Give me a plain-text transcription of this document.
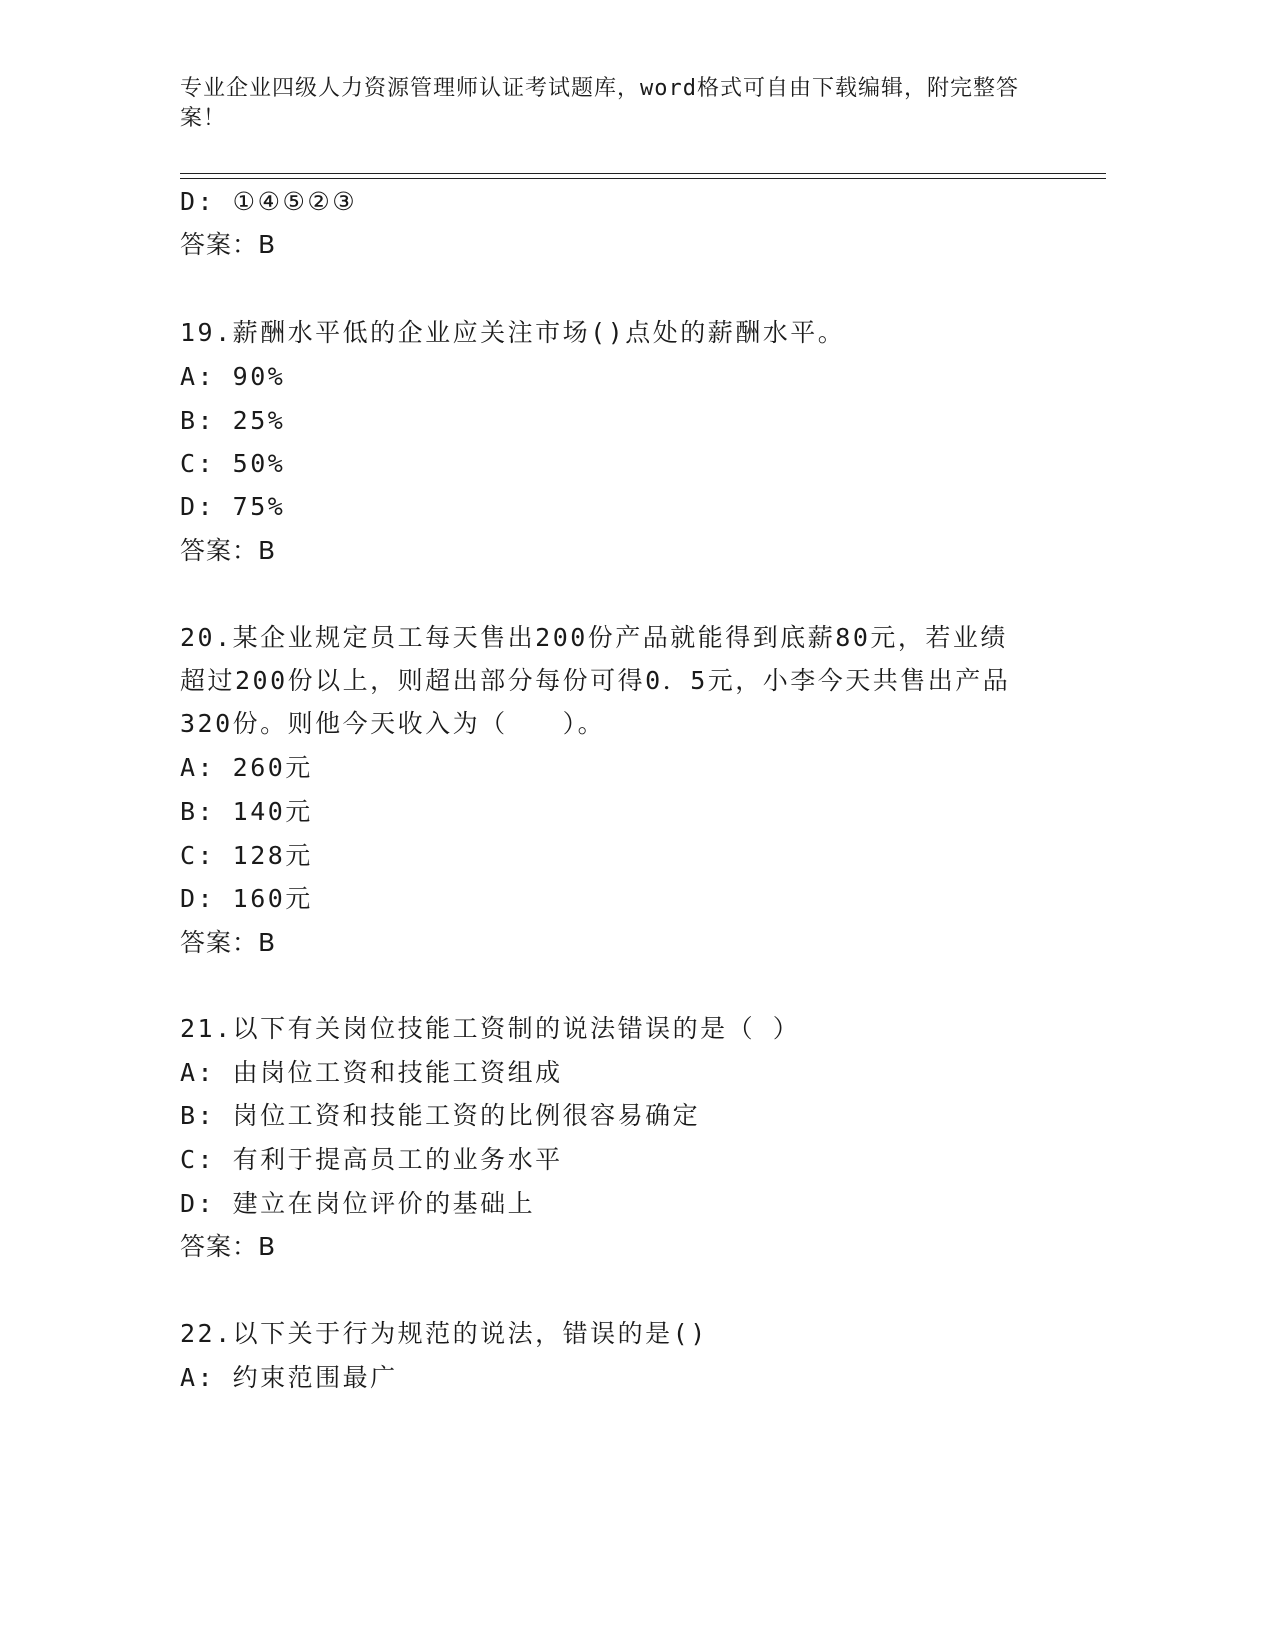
专业企业四级人力资源管理师认证考试题库，word格式可自由下载编辑，附完整答案！
D: ①④⑤②③
答案：B
19.薪酬水平低的企业应关注市场()点处的薪酬水平。
A: 90%
B: 25%
C: 50%
D: 75%
答案：B
20.某企业规定员工每天售出200份产品就能得到底薪80元，若业绩
超过200份以上，则超出部分每份可得0．5元，小李今天共售出产品
320份。则他今天收入为（　　）。
A: 260元
B: 140元
C: 128元
D: 160元
答案：B
21.以下有关岗位技能工资制的说法错误的是（ ）
A: 由岗位工资和技能工资组成
B: 岗位工资和技能工资的比例很容易确定
C: 有利于提高员工的业务水平
D: 建立在岗位评价的基础上
答案：B
22.以下关于行为规范的说法，错误的是()
A: 约束范围最广
